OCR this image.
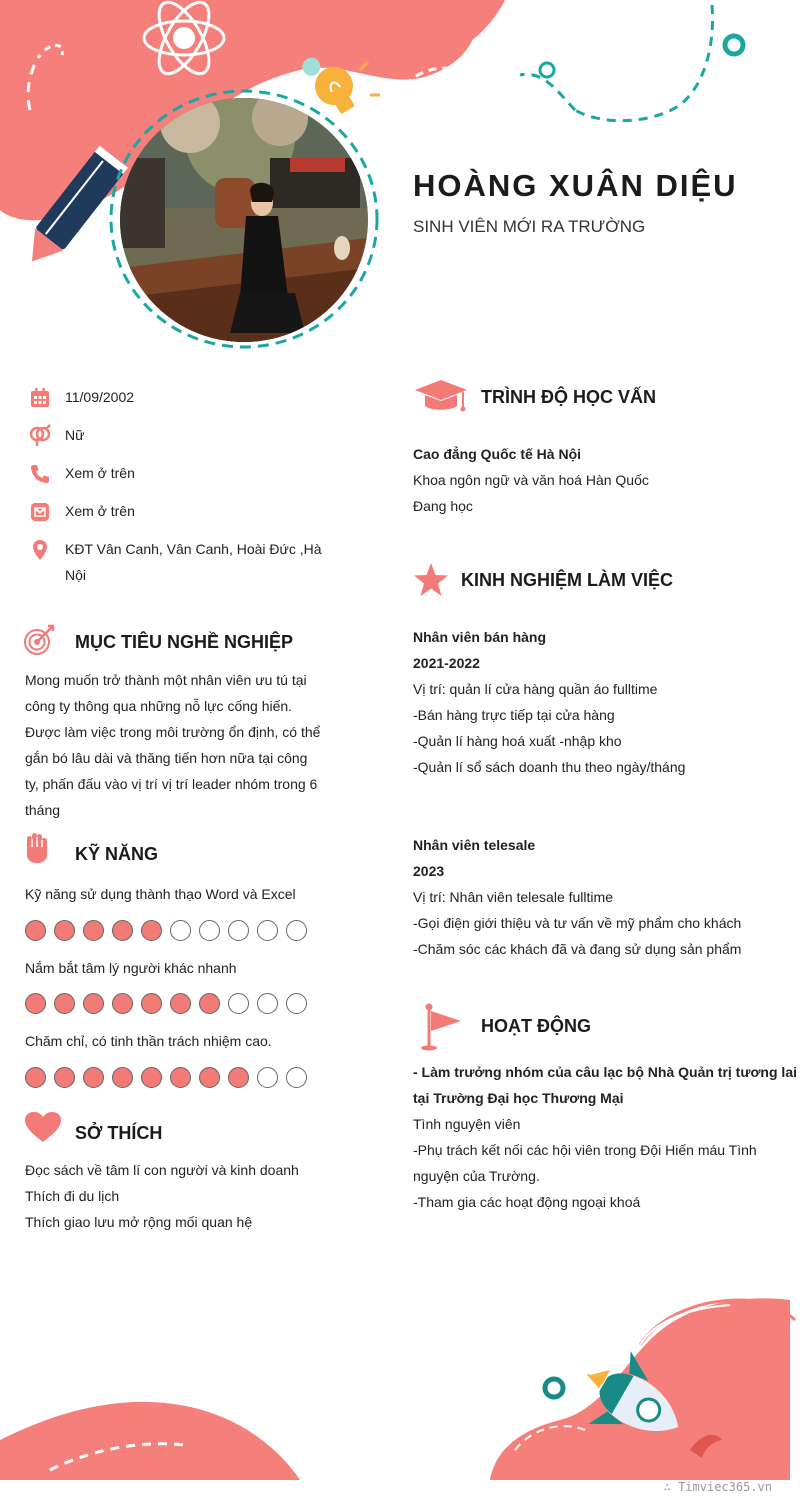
HOÀNG XUÂN DIỆU
SINH VIÊN MỚI RA TRƯỜNG
11/09/2002
Nữ
Xem ở trên
Xem ở trên
KĐT Vân Canh, Vân Canh, Hoài Đức ,Hà
Nội
MỤC TIÊU NGHỀ NGHIỆP
Mong muốn trở thành một nhân viên ưu tú tại
công ty thông qua những nỗ lực cống hiến.
Được làm việc trong môi trường ổn định, có thể
gắn bó lâu dài và thăng tiến hơn nữa tại công
ty, phấn đấu vào vị trí vị trí leader nhóm trong 6
tháng
KỸ NĂNG
Kỹ năng sử dụng thành thạo Word và Excel
Nắm bắt tâm lý người khác nhanh
Chăm chỉ, có tinh thần trách nhiệm cao.
SỞ THÍCH
Đọc sách về tâm lí con người và kinh doanh
Thích đi du lịch
Thích giao lưu mở rộng mối quan hệ
TRÌNH ĐỘ HỌC VẤN
Cao đẳng Quốc tế Hà Nội
Khoa ngôn ngữ và văn hoá Hàn Quốc
Đang học
KINH NGHIỆM LÀM VIỆC
Nhân viên bán hàng
2021-2022
Vị trí: quản lí cửa hàng quần áo fulltime
-Bán hàng trực tiếp tại cửa hàng
-Quản lí hàng hoá xuất -nhập kho
-Quản lí sổ sách doanh thu theo ngày/tháng
Nhân viên telesale
2023
Vị trí: Nhân viên telesale fulltime
-Gọi điện giới thiệu và tư vấn về mỹ phẩm cho khách
-Chăm sóc các khách đã và đang sử dụng sản phẩm
HOẠT ĐỘNG
- Làm trưởng nhóm của câu lạc bộ Nhà Quản trị tương lai
tại Trường Đại học Thương Mại
Tình nguyện viên
-Phụ trách kết nối các hội viên trong Đội Hiến máu Tình
nguyện của Trường.
-Tham gia các hoạt động ngoại khoá
∴ Timviec365.vn
